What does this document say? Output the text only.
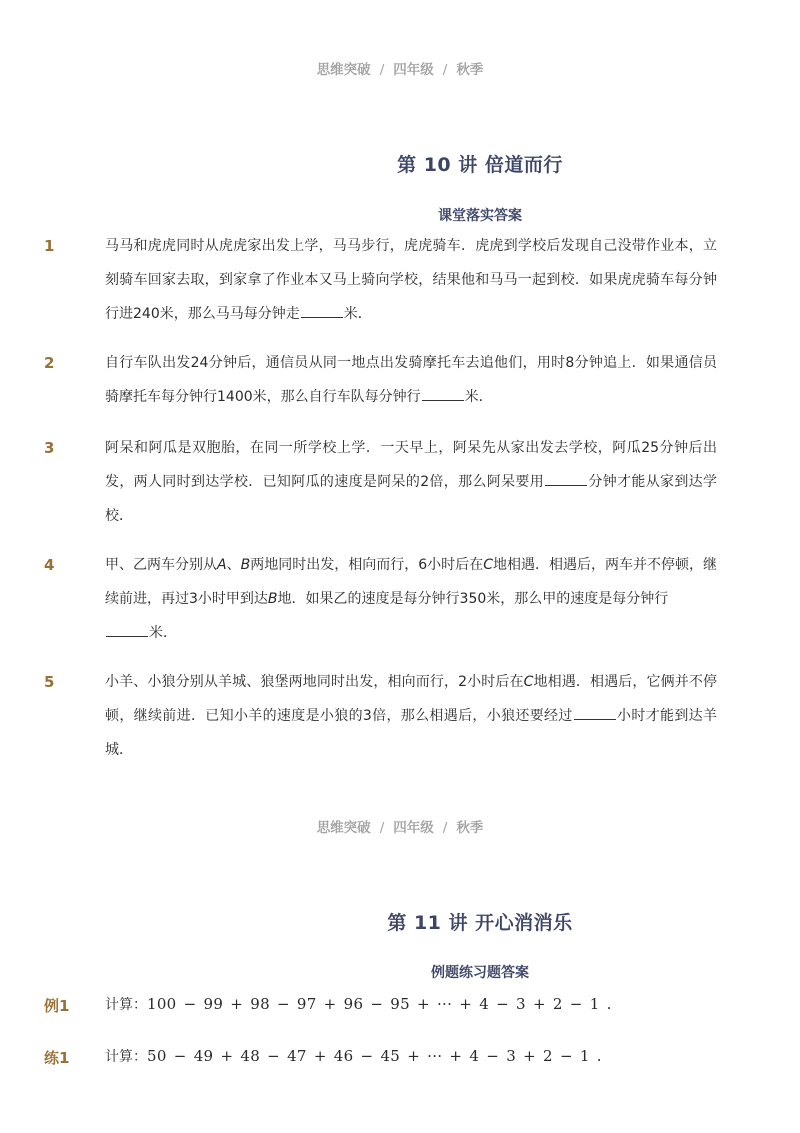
思维突破 / 四年级 / 秋季
第 10 讲 倍道而行
课堂落实答案
1	马马和虎虎同时从虎虎家出发上学，马马步行，虎虎骑车．虎虎到学校后发现自己没带作业本，立刻骑车回家去取，到家拿了作业本又马上骑向学校，结果他和马马一起到校．如果虎虎骑车每分钟行进240米，那么马马每分钟走	米．

2	自行车队出发24分钟后，通信员从同一地点出发骑摩托车去追他们，用时8分钟追上．如果通信员骑摩托车每分钟行1400米，那么自行车队每分钟行	米．

3	阿呆和阿瓜是双胞胎，在同一所学校上学．一天早上，阿呆先从家出发去学校，阿瓜25分钟后出发，两人同时到达学校．已知阿瓜的速度是阿呆的2倍，那么阿呆要用	分钟才能从家到达学校．

4	甲、乙两车分别从A、B两地同时出发，相向而行，6小时后在C地相遇．相遇后，两车并不停顿，继续前进，再过3小时甲到达B地．如果乙的速度是每分钟行350米，那么甲的速度是每分钟行
米．

5	小羊、小狼分别从羊城、狼堡两地同时出发，相向而行，2小时后在C地相遇．相遇后，它俩并不停顿，继续前进．已知小羊的速度是小狼的3倍，那么相遇后，小狼还要经过	小时才能到达羊城．

思维突破 / 四年级 / 秋季
第 11 讲 开心消消乐
例题练习题答案
例1	计算：100 − 99 + 98 − 97 + 96 − 95 + ··· + 4 − 3 + 2 − 1 .
练1	计算：50 − 49 + 48 − 47 + 46 − 45 + ··· + 4 − 3 + 2 − 1 .
